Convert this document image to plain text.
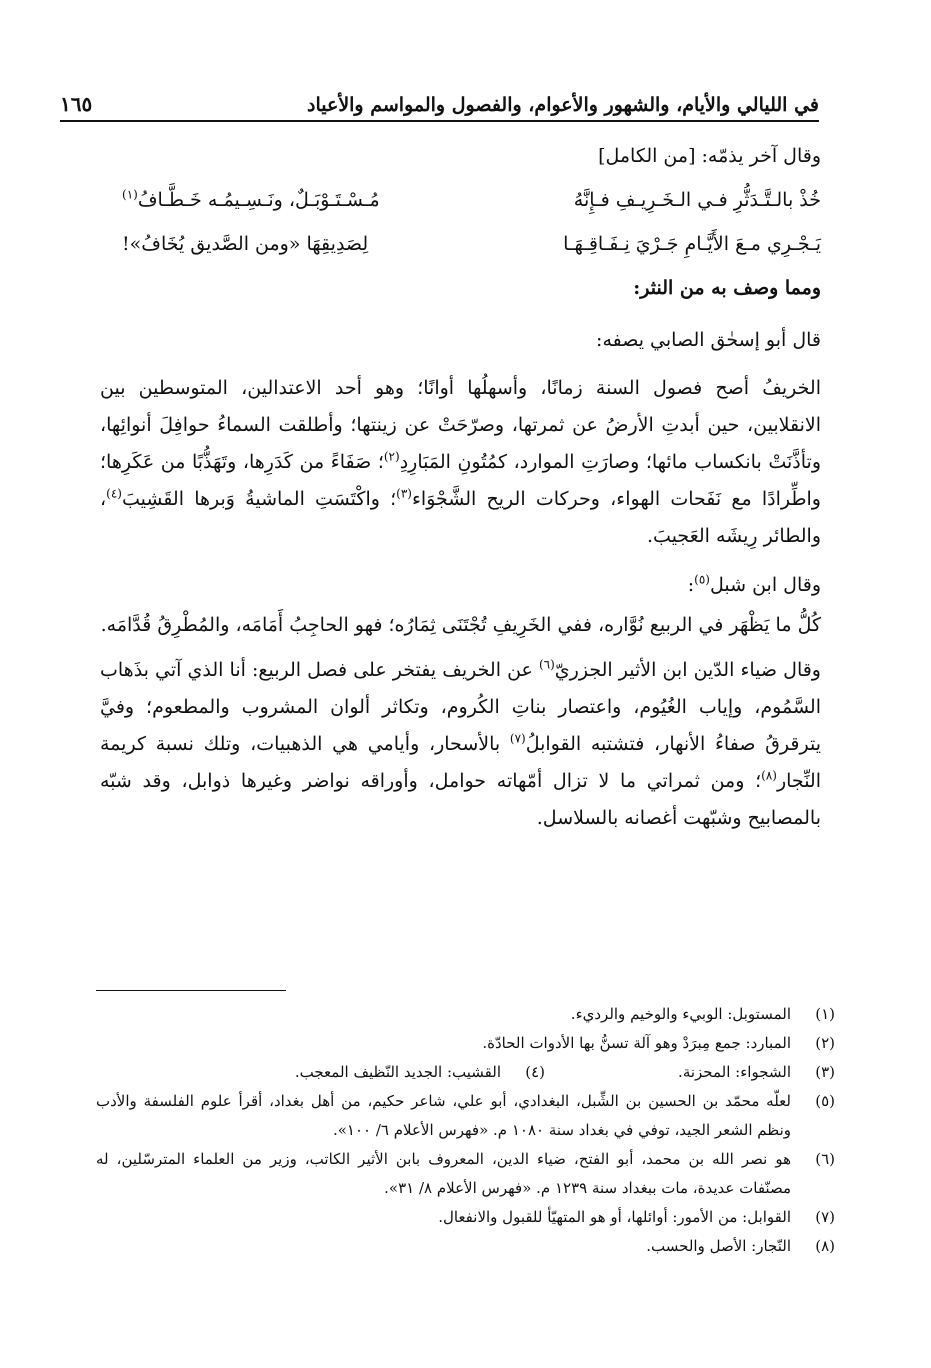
في الليالي والأيام، والشهور والأعوام، والفصول والمواسم والأعياد
١٦٥
وقال آخر يذمّه: [من الكامل]
خُذْ بالـتَّـدَثُّرِ فـي الـخَـرِيـفِ فـإِنَّهُ
مُـسْـتَـوْبَـلٌ، ونَـسِـيمُـه خَـطَّـافُ$^{(١)}$
يَـجْـرِي مـعَ الأَيَّـامِ جَـرْيَ نِـفَـاقِـهَـا
لِصَدِيقِهَا «ومن الصَّديق يُخَافُ»!
ومما وصف به من النثر:
قال أبو إسحٰق الصابي يصفه:

الخريفُ أصح فصول السنة زمانًا، وأسهلُها أوانًا؛ وهو أحد الاعتدالين، المتوسطين بين الانقلابين، حين أبدتِ الأرضُ عن ثمرتها، وصرّحَتْ عن زينتها؛ وأطلقت السماءُ حوافِلَ أنوائِها، وتأذَّنَتْ بانكساب مائها؛ وصارَتِ الموارد، كمُتُونِ المَبَارِدِ$^{(٢)}$؛ صَفَاءً من كَدَرِها، وتَهَذُّبًا من عَكَرِها؛ واطِّرادًا مع نَفَحات الهواء، وحركات الريح الشَّجْوَاء$^{(٣)}$؛ واكْتَسَتِ الماشيةُ وَبرها القَشِيبَ$^{(٤)}$، والطائر رِيشَه العَجيبَ.

وقال ابن شبل$^{(٥)}$:

كُلُّ ما يَظْهَر في الربيع نُوَّاره، ففي الخَرِيفِ تُجْتَنَى ثِمَارُه؛ فهو الحاجِبُ أَمَامَه، والمُطْرِقُ قُدَّامَه.

وقال ضياء الدّين ابن الأثير الجزريّ$^{(٦)}$ عن الخريف يفتخر على فصل الربيع: أنا الذي آتي بذَهاب السَّمُوم، وإياب الغُيُوم، واعتصار بناتِ الكُروم، وتكاثر ألوان المشروب والمطعوم؛ وفيَّ يترقرقُ صفاءُ الأنهار، فتشتبه القوابلُ$^{(٧)}$ بالأسحار، وأيامي هي الذهبيات، وتلك نسبة كريمة النِّجار$^{(٨)}$؛ ومن ثمراتي ما لا تزال أمّهاته حوامل، وأوراقه نواضر وغيرها ذوابل، وقد شبّه بالمصابيح وشبّهت أغصانه بالسلاسل.

(١)
المستوبل: الوبيء والوخيم والرديء.
(٢)
المبارد: جمع مِبرَدْ وهو آلة تسنُّ بها الأدوات الحادّة.
(٣)
الشجواء: المحزنة.
(٤)
القشيب: الجديد النّظيف المعجب.
(٥)
لعلّه محمّد بن الحسين بن الشِّبل، البغدادي، أبو علي، شاعر حكيم، من أهل بغداد، أقرأ علوم الفلسفة والأدب ونظم الشعر الجيد، توفي في بغداد سنة ١٠٨٠ م. «فهرس الأعلام ٦/ ١٠٠».
(٦)
هو نصر الله بن محمد، أبو الفتح، ضياء الدين، المعروف بابن الأثير الكاتب، وزير من العلماء المترسّلين، له مصنّفات عديدة، مات ببغداد سنة ١٢٣٩ م. «فهرس الأعلام ٨/ ٣١».
(٧)
القوابل: من الأمور: أوائلها، أو هو المتهيّأ للقبول والانفعال.
(٨)
النّجار: الأصل والحسب.
